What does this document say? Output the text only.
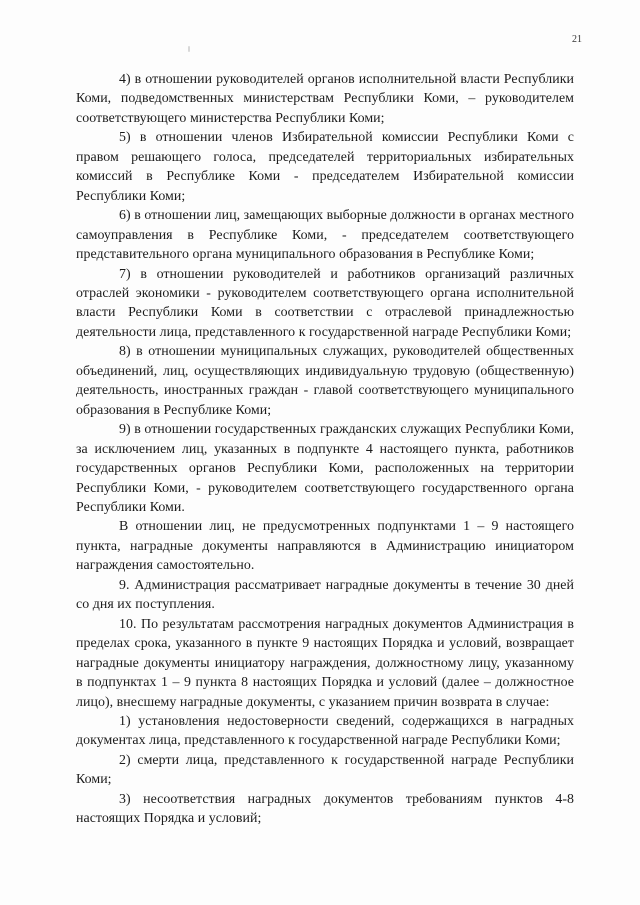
21

4) в отношении руководителей органов исполнительной власти Республики Коми, подведомственных министерствам Республики Коми, – руководителем соответствующего министерства Республики Коми;

5) в отношении членов Избирательной комиссии Республики Коми с правом решающего голоса, председателей территориальных избирательных комиссий в Республике Коми - председателем Избирательной комиссии Республики Коми;

6) в отношении лиц, замещающих выборные должности в органах местного самоуправления в Республике Коми, - председателем соответствующего представительного органа муниципального образования в Республике Коми;

7) в отношении руководителей и работников организаций различных отраслей экономики - руководителем соответствующего органа исполнительной власти Республики Коми в соответствии с отраслевой принадлежностью деятельности лица, представленного к государственной награде Республики Коми;

8) в отношении муниципальных служащих, руководителей общественных объединений, лиц, осуществляющих индивидуальную трудовую (общественную) деятельность, иностранных граждан - главой соответствующего муниципального образования в Республике Коми;

9) в отношении государственных гражданских служащих Республики Коми, за исключением лиц, указанных в подпункте 4 настоящего пункта, работников государственных органов Республики Коми, расположенных на территории Республики Коми, - руководителем соответствующего государственного органа Республики Коми.

В отношении лиц, не предусмотренных подпунктами 1 – 9 настоящего пункта, наградные документы направляются в Администрацию инициатором награждения самостоятельно.

9. Администрация рассматривает наградные документы в течение 30 дней со дня их поступления.

10. По результатам рассмотрения наградных документов Администрация в пределах срока, указанного в пункте 9 настоящих Порядка и условий, возвращает наградные документы инициатору награждения, должностному лицу, указанному в подпунктах 1 – 9 пункта 8 настоящих Порядка и условий (далее – должностное лицо), внесшему наградные документы, с указанием причин возврата в случае:

1) установления недостоверности сведений, содержащихся в наградных документах лица, представленного к государственной награде Республики Коми;

2) смерти лица, представленного к государственной награде Республики Коми;

3) несоответствия наградных документов требованиям пунктов 4-8 настоящих Порядка и условий;
